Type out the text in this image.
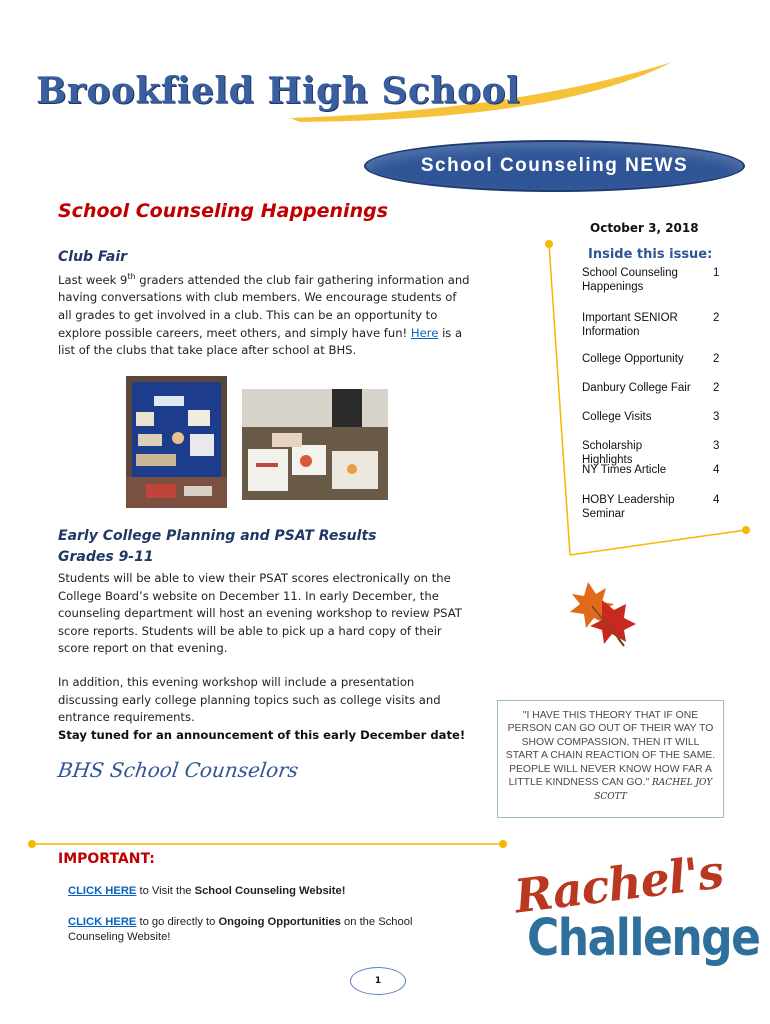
Brookfield High School
School Counseling NEWS
School Counseling Happenings
Club Fair
Last week 9th graders attended the club fair gathering information and having conversations with club members. We encourage students of all grades to get involved in a club. This can be an opportunity to explore possible careers, meet others, and simply have fun! Here is a list of the clubs that take place after school at BHS.
Early College Planning and PSAT Results
Grades 9-11
Students will be able to view their PSAT scores electronically on the College Board’s website on December 11. In early December, the counseling department will host an evening workshop to review PSAT score reports. Students will be able to pick up a hard copy of their score report on that evening.
In addition, this evening workshop will include a presentation discussing early college planning topics such as college visits and entrance requirements.
Stay tuned for an announcement of this early December date!
BHS School Counselors
October 3, 2018
Inside this issue:
School Counseling Happenings
1
Important SENIOR Information
2
College Opportunity	2
Danbury College Fair 2
College Visits	3
Scholarship Highlights
3
NY Times Article	4
HOBY Leadership Seminar
4
"I HAVE THIS THEORY THAT IF ONE PERSON CAN GO OUT OF THEIR WAY TO SHOW COMPASSION, THEN IT WILL START A CHAIN REACTION OF THE SAME. PEOPLE WILL NEVER KNOW HOW FAR A LITTLE KINDNESS CAN GO." RACHEL JOY SCOTT
IMPORTANT:
CLICK HERE to Visit the School Counseling Website!
CLICK HERE to go directly to Ongoing Opportunities on the School Counseling Website!
Rachel's
Challenge
1
